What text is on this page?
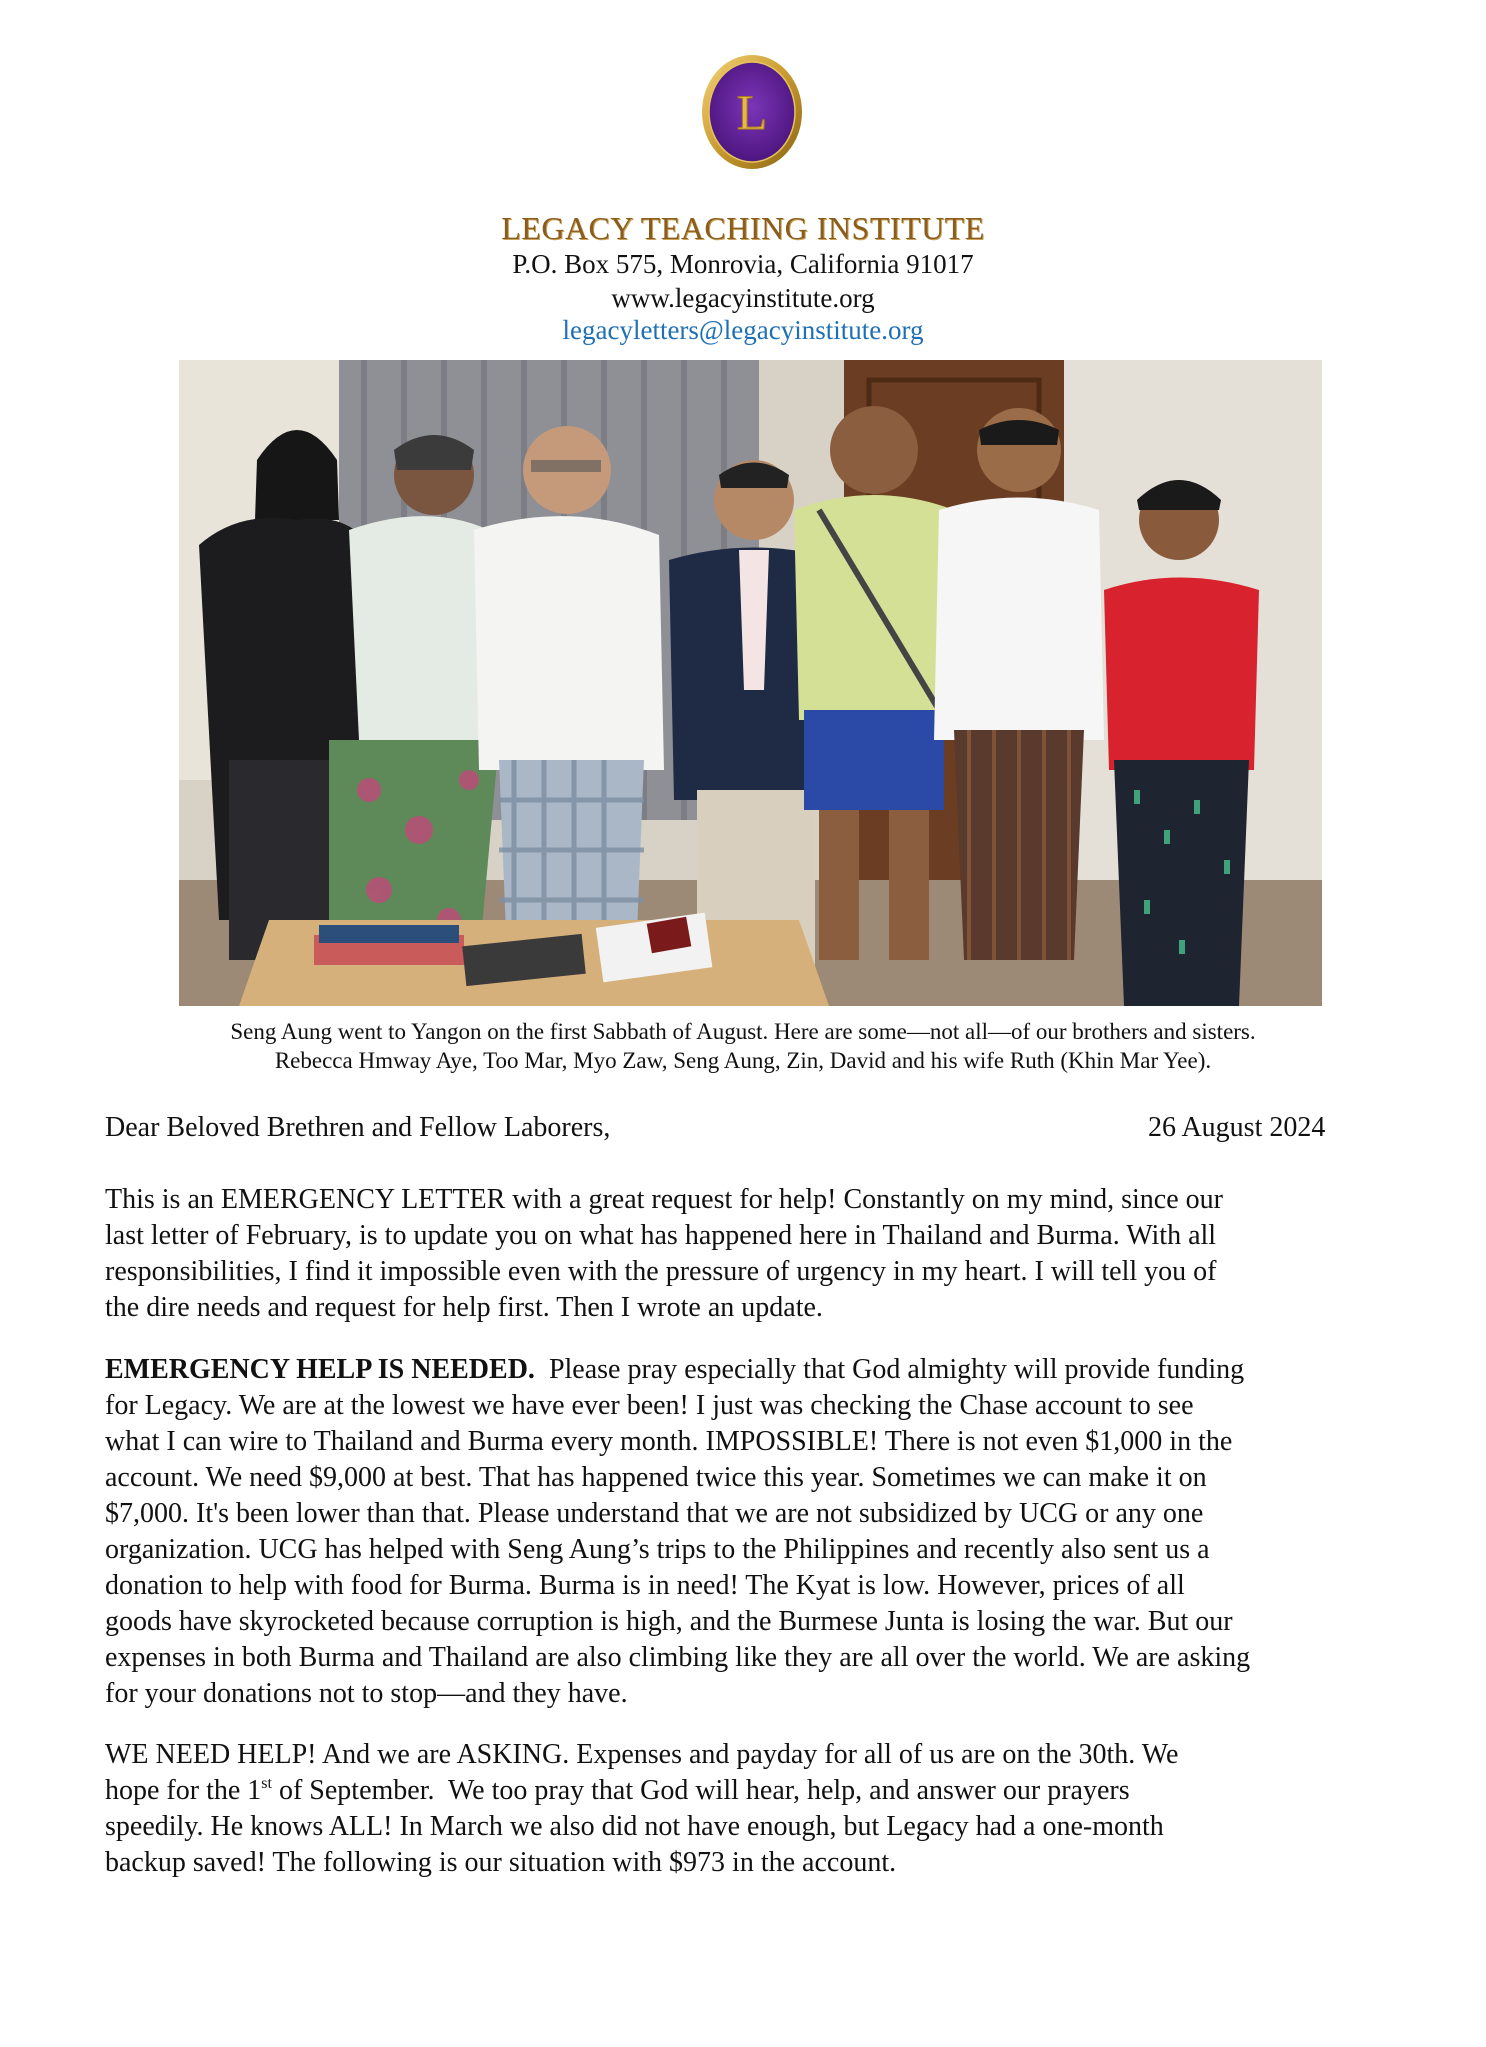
L
LEGACY TEACHING INSTITUTE
P.O. Box 575, Monrovia, California 91017
www.legacyinstitute.org
legacyletters@legacyinstitute.org
Seng Aung went to Yangon on the first Sabbath of August. Here are some—not all—of our brothers and sisters.
Rebecca Hmway Aye, Too Mar, Myo Zaw, Seng Aung, Zin, David and his wife Ruth (Khin Mar Yee).
Dear Beloved Brethren and Fellow Laborers,	26 August 2024
This is an EMERGENCY LETTER with a great request for help! Constantly on my mind, since our
last letter of February, is to update you on what has happened here in Thailand and Burma. With all
responsibilities, I find it impossible even with the pressure of urgency in my heart. I will tell you of
the dire needs and request for help first. Then I wrote an update.
EMERGENCY HELP IS NEEDED.  Please pray especially that God almighty will provide funding
for Legacy. We are at the lowest we have ever been! I just was checking the Chase account to see
what I can wire to Thailand and Burma every month. IMPOSSIBLE! There is not even $1,000 in the
account. We need $9,000 at best. That has happened twice this year. Sometimes we can make it on
$7,000. It's been lower than that. Please understand that we are not subsidized by UCG or any one
organization. UCG has helped with Seng Aung’s trips to the Philippines and recently also sent us a
donation to help with food for Burma. Burma is in need! The Kyat is low. However, prices of all
goods have skyrocketed because corruption is high, and the Burmese Junta is losing the war. But our
expenses in both Burma and Thailand are also climbing like they are all over the world. We are asking
for your donations not to stop—and they have.
WE NEED HELP! And we are ASKING. Expenses and payday for all of us are on the 30th. We
hope for the 1st of September.  We too pray that God will hear, help, and answer our prayers
speedily. He knows ALL! In March we also did not have enough, but Legacy had a one-month
backup saved! The following is our situation with $973 in the account.
